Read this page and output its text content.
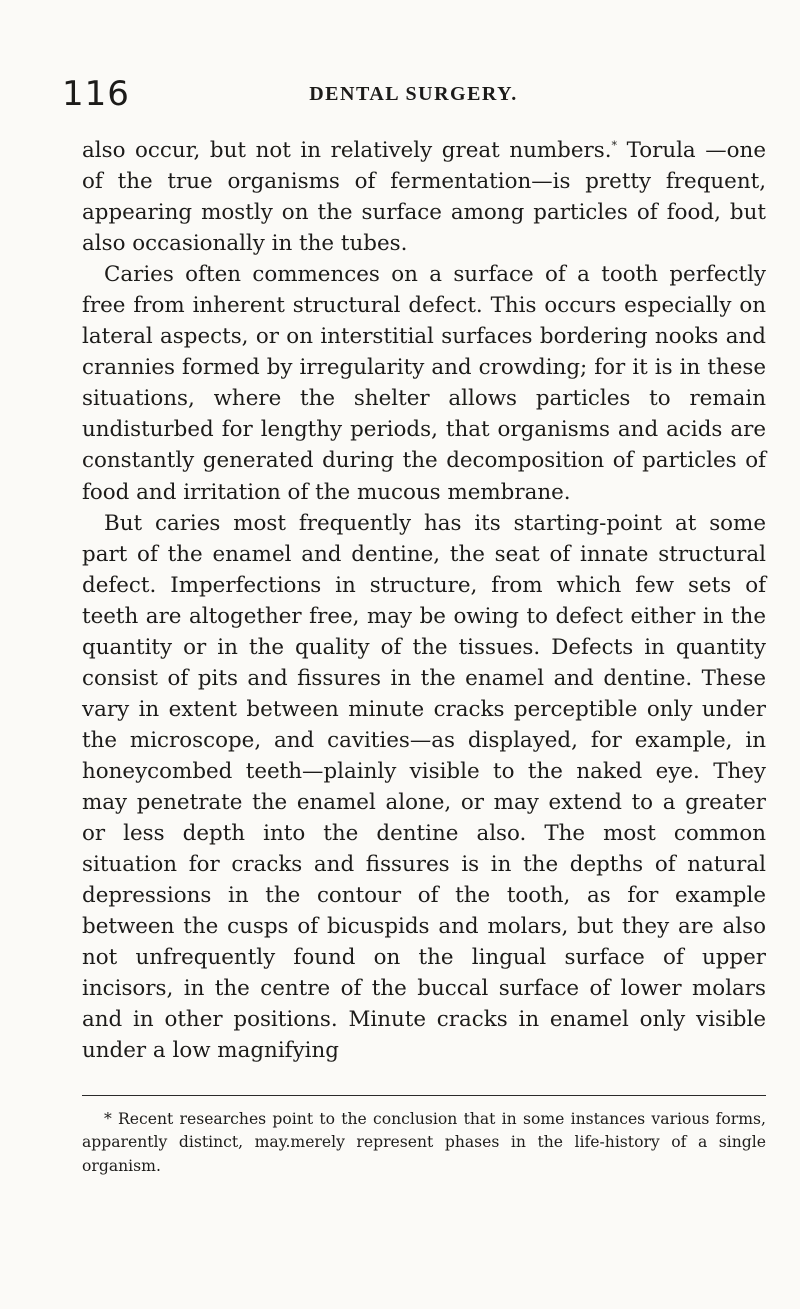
116	DENTAL SURGERY.

also occur, but not in relatively great numbers.* Torula —one of the true organisms of fermentation—is pretty frequent, appearing mostly on the surface among particles of food, but also occasionally in the tubes.

Caries often commences on a surface of a tooth perfectly free from inherent structural defect. This occurs especially on lateral aspects, or on interstitial surfaces bordering nooks and crannies formed by irregularity and crowding; for it is in these situations, where the shelter allows particles to remain undisturbed for lengthy periods, that organisms and acids are constantly generated during the decomposition of particles of food and irritation of the mucous membrane.

But caries most frequently has its starting-point at some part of the enamel and dentine, the seat of innate structural defect. Imperfections in structure, from which few sets of teeth are altogether free, may be owing to defect either in the quantity or in the quality of the tissues. Defects in quantity consist of pits and fissures in the enamel and dentine. These vary in extent between minute cracks perceptible only under the microscope, and cavities—as displayed, for example, in honeycombed teeth—plainly visible to the naked eye. They may penetrate the enamel alone, or may extend to a greater or less depth into the dentine also. The most common situation for cracks and fissures is in the depths of natural depressions in the contour of the tooth, as for example between the cusps of bicuspids and molars, but they are also not unfrequently found on the lingual surface of upper incisors, in the centre of the buccal surface of lower molars and in other positions. Minute cracks in enamel only visible under a low magnifying

* Recent researches point to the conclusion that in some instances various forms, apparently distinct, may.merely represent phases in the life-history of a single organism.
